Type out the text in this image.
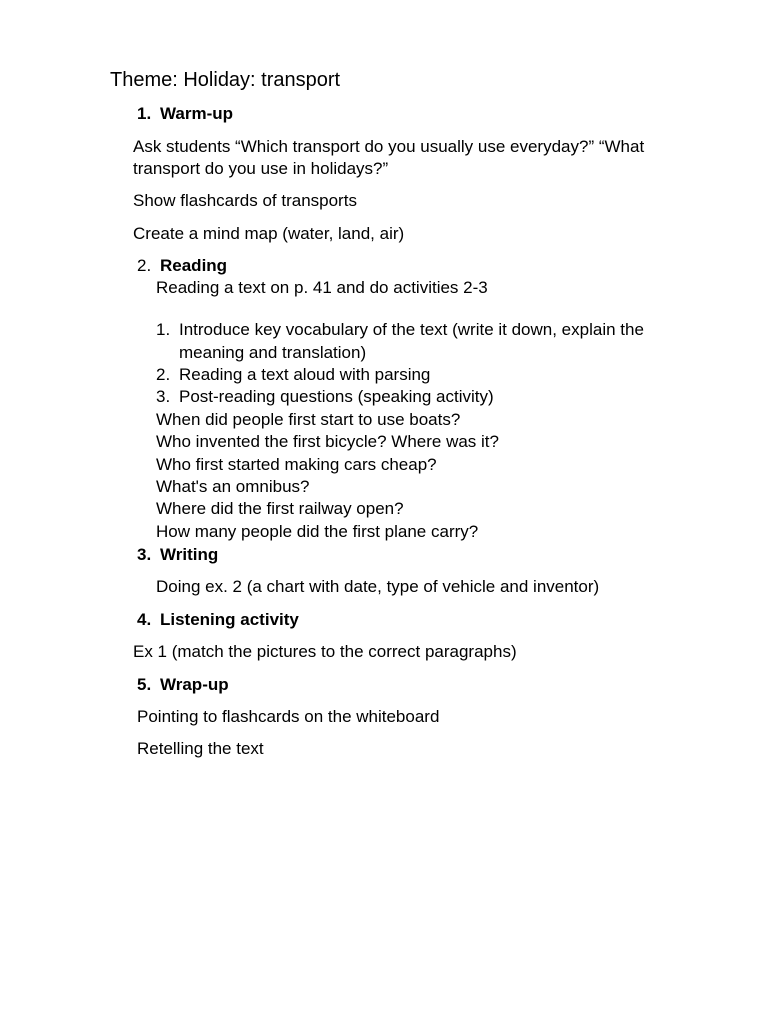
Theme: Holiday: transport
1. Warm-up
Ask students “Which transport do you usually use everyday?” “What
transport do you use in holidays?”
Show flashcards of transports
Create a mind map (water, land, air)
2. Reading
Reading a text on p. 41 and do activities 2-3
1. Introduce key vocabulary of the text (write it down, explain the
meaning and translation)
2. Reading a text aloud with parsing
3. Post-reading questions (speaking activity)
When did people first start to use boats?
Who invented the first bicycle? Where was it?
Who first started making cars cheap?
What's an omnibus?
Where did the first railway open?
How many people did the first plane carry?
3. Writing
Doing ex. 2 (a chart with date, type of vehicle and inventor)
4. Listening activity
Ex 1 (match the pictures to the correct paragraphs)
5. Wrap-up
Pointing to flashcards on the whiteboard
Retelling the text
